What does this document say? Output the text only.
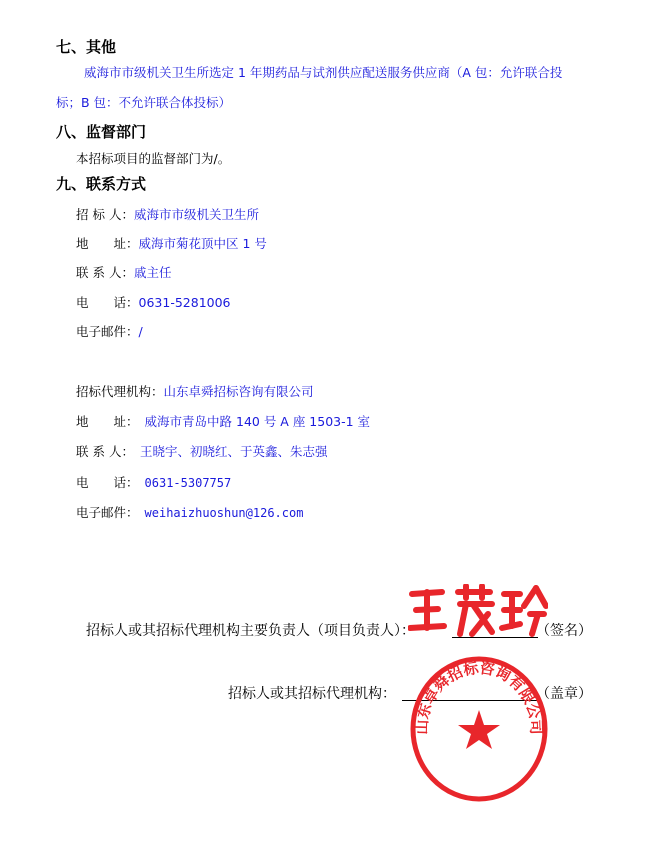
七、其他
威海市市级机关卫生所选定 1 年期药品与试剂供应配送服务供应商（A 包：允许联合投
标；B 包：不允许联合体投标）
八、监督部门
本招标项目的监督部门为/。
九、联系方式
招 标 人：威海市市级机关卫生所
地　　址：威海市菊花顶中区 1 号
联 系 人：戚主任
电　　话：0631-5281006
电子邮件：/
招标代理机构：山东卓舜招标咨询有限公司
地　　址： 威海市青岛中路 140 号 A 座 1503-1 室
联 系 人： 王晓宇、初晓红、于英鑫、朱志强
电　　话： 0631-5307757
电子邮件： weihaizhuoshun@126.com
招标人或其招标代理机构主要负责人（项目负责人）：	（签名）
招标人或其招标代理机构：	（盖章）
山东卓舜招标咨询有限公司
